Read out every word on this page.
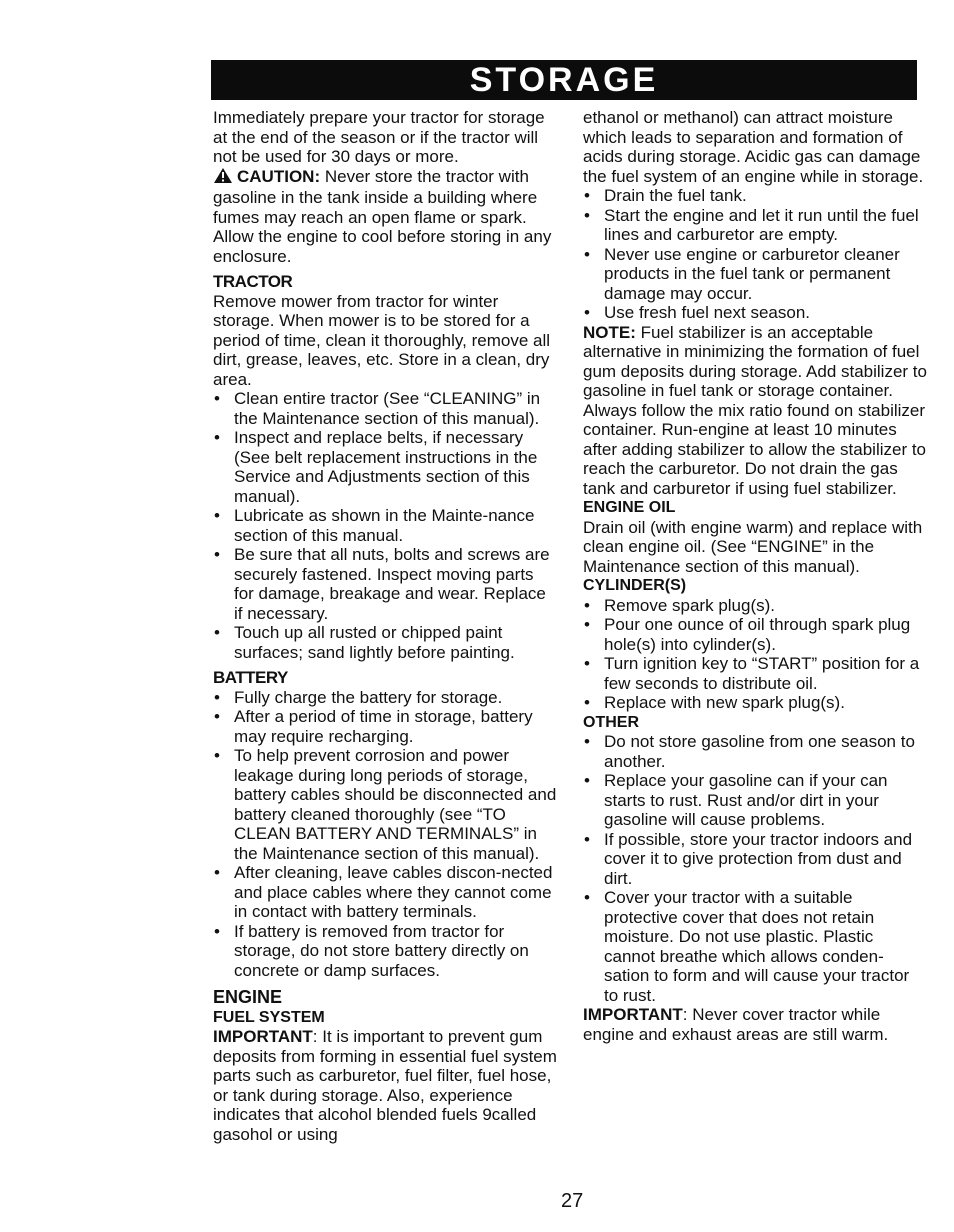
STORAGE

Immediately prepare your tractor for storage at the end of the season or if the tractor will not be used for 30 days or more.

CAUTION: Never store the tractor with gasoline in the tank inside a building where fumes may reach an open flame or spark. Allow the engine to cool before storing in any enclosure.

TRACTOR

Remove mower from tractor for winter storage. When mower is to be stored for a period of time, clean it thoroughly, remove all dirt, grease, leaves, etc. Store in a clean, dry area.

• Clean entire tractor (See “CLEANING” in the Maintenance section of this manual).
• Inspect and replace belts, if necessary (See belt replacement instructions in the Service and Adjustments section of this manual).
• Lubricate as shown in the Mainte-nance section of this manual.
• Be sure that all nuts, bolts and screws are securely fastened. Inspect moving parts for damage, breakage and wear. Replace if necessary.
• Touch up all rusted or chipped paint surfaces; sand lightly before painting.

BATTERY

• Fully charge the battery for storage.
• After a period of time in storage, battery may require recharging.
• To help prevent corrosion and power leakage during long periods of storage, battery cables should be disconnected and battery cleaned thoroughly (see “TO CLEAN BATTERY AND TERMINALS” in the Maintenance section of this manual).
• After cleaning, leave cables discon-nected and place cables where they cannot come in contact with battery terminals.
• If battery is removed from tractor for storage, do not store battery directly on concrete or damp surfaces.

ENGINE

FUEL SYSTEM

IMPORTANT: It is important to prevent gum deposits from forming in essential fuel system parts such as carburetor, fuel filter, fuel hose, or tank during storage. Also, experience indicates that alcohol blended fuels 9called gasohol or using

ethanol or methanol) can attract moisture which leads to separation and formation of acids during storage. Acidic gas can damage the fuel system of an engine while in storage.

• Drain the fuel tank.
• Start the engine and let it run until the fuel lines and carburetor are empty.
• Never use engine or carburetor cleaner products in the fuel tank or permanent damage may occur.
• Use fresh fuel next season.

NOTE: Fuel stabilizer is an acceptable alternative in minimizing the formation of fuel gum deposits during storage. Add stabilizer to gasoline in fuel tank or storage container. Always follow the mix ratio found on stabilizer container. Run-engine at least 10 minutes after adding stabilizer to allow the stabilizer to reach the carburetor. Do not drain the gas tank and carburetor if using fuel stabilizer.

ENGINE OIL

Drain oil (with engine warm) and replace with clean engine oil. (See “ENGINE” in the Maintenance section of this manual).

CYLINDER(S)

• Remove spark plug(s).
• Pour one ounce of oil through spark plug hole(s) into cylinder(s).
• Turn ignition key to “START” position for a few seconds to distribute oil.
• Replace with new spark plug(s).

OTHER

• Do not store gasoline from one season to another.
• Replace your gasoline can if your can starts to rust. Rust and/or dirt in your gasoline will cause problems.
• If possible, store your tractor indoors and cover it to give protection from dust and dirt.
• Cover your tractor with a suitable protective cover that does not retain moisture. Do not use plastic. Plastic cannot breathe which allows conden-sation to form and will cause your tractor to rust.

IMPORTANT: Never cover tractor while engine and exhaust areas are still warm.

27
